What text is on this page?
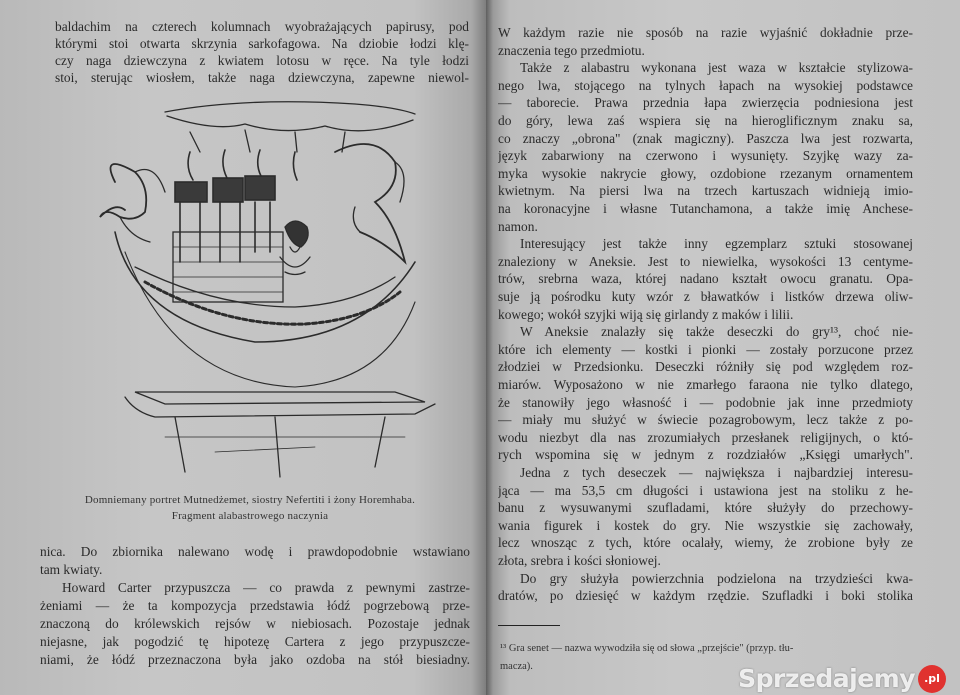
baldachim na czterech kolumnach wyobrażających papirusy, pod
którymi stoi otwarta skrzynia sarkofagowa. Na dziobie łodzi klę-
czy naga dziewczyna z kwiatem lotosu w ręce. Na tyle łodzi
stoi, sterując wiosłem, także naga dziewczyna, zapewne niewol-
Domniemany portret Mutnedżemet, siostry Nefertiti i żony Horemhaba.
Fragment alabastrowego naczynia
nica. Do zbiornika nalewano wodę i prawdopodobnie wstawiano
tam kwiaty.
Howard Carter przypuszcza — co prawda z pewnymi zastrze-
żeniami — że ta kompozycja przedstawia łódź pogrzebową prze-
znaczoną do królewskich rejsów w niebiosach. Pozostaje jednak
niejasne, jak pogodzić tę hipotezę Cartera z jego przypuszcze-
niami, że łódź przeznaczona była jako ozdoba na stół biesiadny.
W każdym razie nie sposób na razie wyjaśnić dokładnie prze-
znaczenia tego przedmiotu.
Także z alabastru wykonana jest waza w kształcie stylizowa-
nego lwa, stojącego na tylnych łapach na wysokiej podstawce
— taborecie. Prawa przednia łapa zwierzęcia podniesiona jest
do góry, lewa zaś wspiera się na hieroglificznym znaku sa,
co znaczy „obrona" (znak magiczny). Paszcza lwa jest rozwarta,
język zabarwiony na czerwono i wysunięty. Szyjkę wazy za-
myka wysokie nakrycie głowy, ozdobione rzezanym ornamentem
kwietnym. Na piersi lwa na trzech kartuszach widnieją imio-
na koronacyjne i własne Tutanchamona, a także imię Anchese-
namon.
Interesujący jest także inny egzemplarz sztuki stosowanej
znaleziony w Aneksie. Jest to niewielka, wysokości 13 centyme-
trów, srebrna waza, której nadano kształt owocu granatu. Opa-
suje ją pośrodku kuty wzór z bławatków i listków drzewa oliw-
kowego; wokół szyjki wiją się girlandy z maków i lilii.
W Aneksie znalazły się także deseczki do gry¹³, choć nie-
które ich elementy — kostki i pionki — zostały porzucone przez
złodziei w Przedsionku. Deseczki różniły się pod względem roz-
miarów. Wyposażono w nie zmarłego faraona nie tylko dlatego,
że stanowiły jego własność i — podobnie jak inne przedmioty
— miały mu służyć w świecie pozagrobowym, lecz także z po-
wodu niezbyt dla nas zrozumiałych przesłanek religijnych, o któ-
rych wspomina się w jednym z rozdziałów „Księgi umarłych".
Jedna z tych deseczek — największa i najbardziej interesu-
jąca — ma 53,5 cm długości i ustawiona jest na stoliku z he-
banu z wysuwanymi szufladami, które służyły do przechowy-
wania figurek i kostek do gry. Nie wszystkie się zachowały,
lecz wnosząc z tych, które ocalały, wiemy, że zrobione były ze
złota, srebra i kości słoniowej.
Do gry służyła powierzchnia podzielona na trzydzieści kwa-
dratów, po dziesięć w każdym rzędzie. Szufladki i boki stolika
¹³ Gra senet — nazwa wywodziła się od słowa „przejście" (przyp. tłu-
macza).	Sprzedajemy .pl
